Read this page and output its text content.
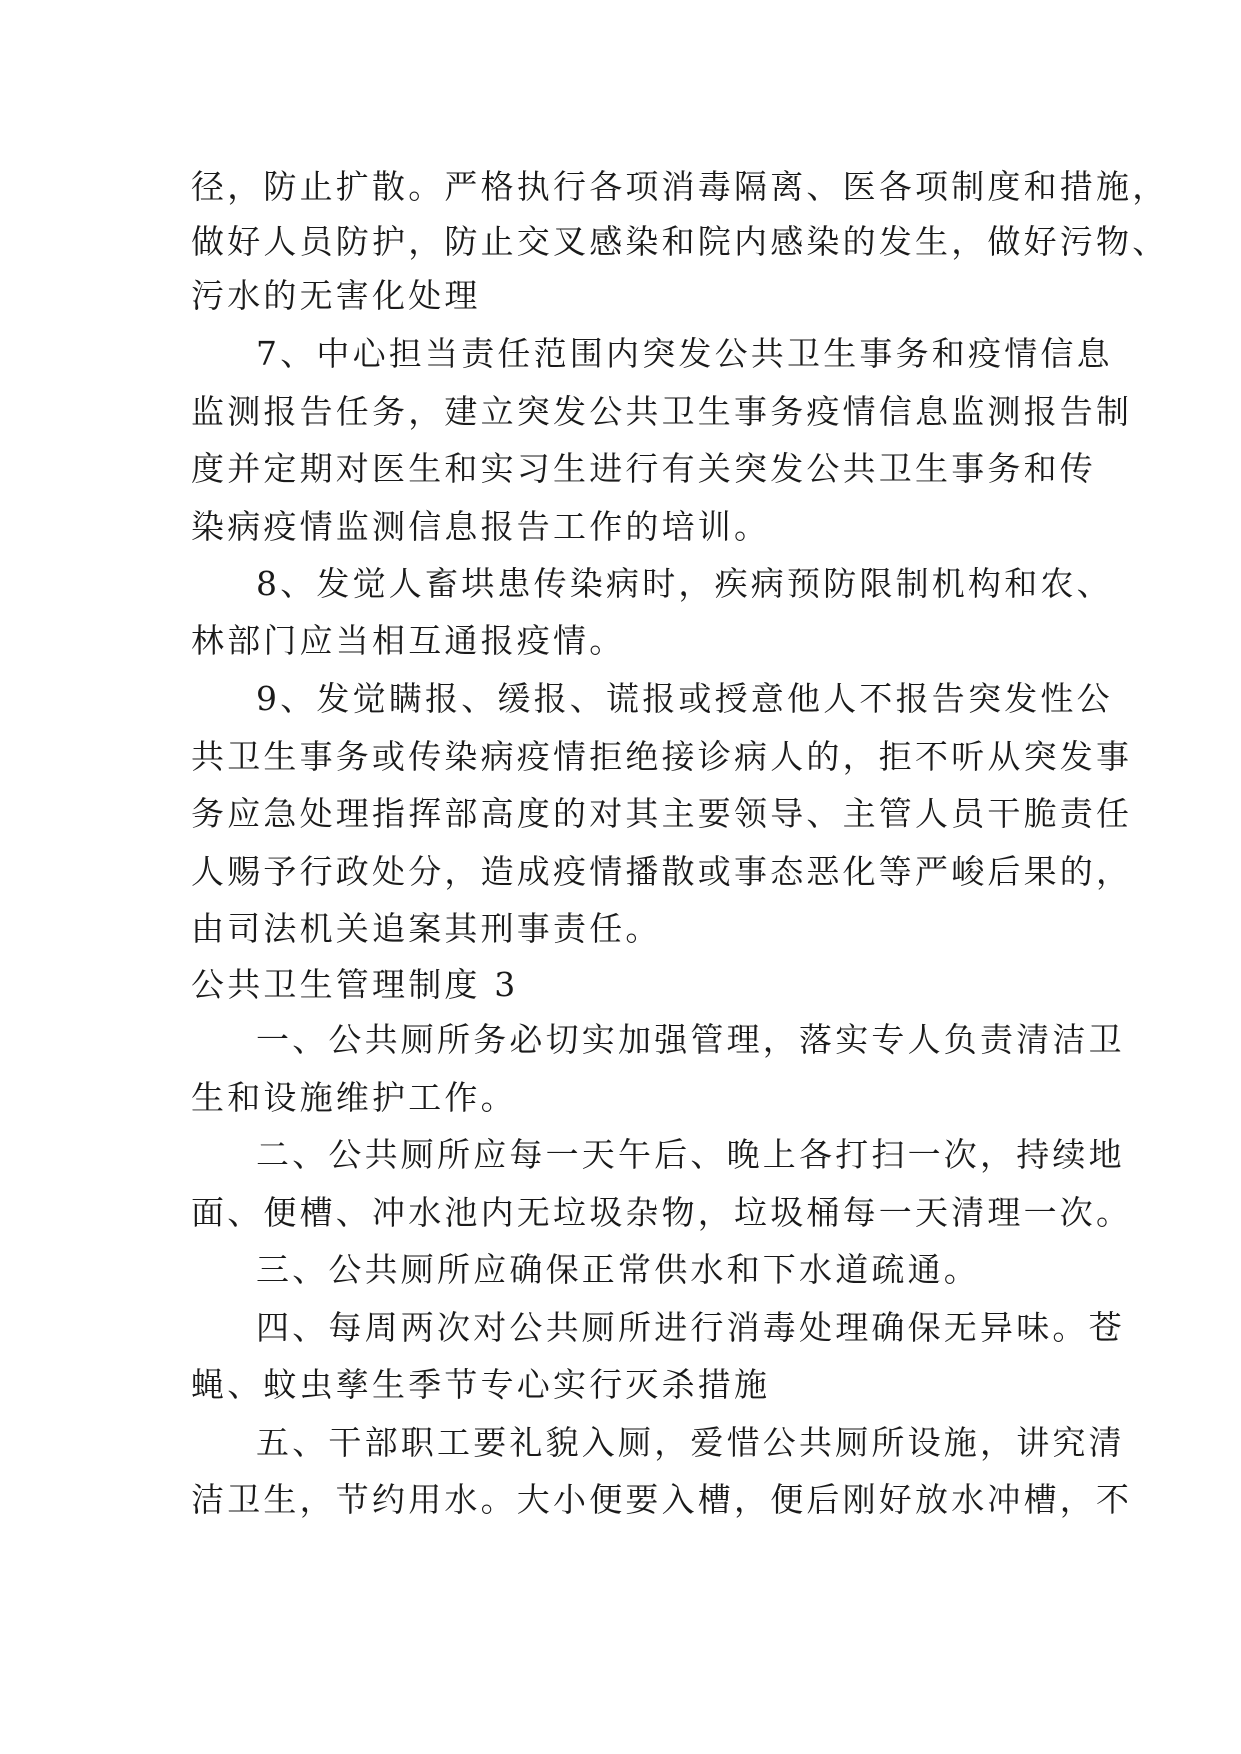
径，防止扩散。严格执行各项消毒隔离、医各项制度和措施，
做好人员防护，防止交叉感染和院内感染的发生，做好污物、
污水的无害化处理
7、中心担当责任范围内突发公共卫生事务和疫情信息
监测报告任务，建立突发公共卫生事务疫情信息监测报告制
度并定期对医生和实习生进行有关突发公共卫生事务和传
染病疫情监测信息报告工作的培训。
8、发觉人畜垬患传染病时，疾病预防限制机构和农、
林部门应当相互通报疫情。
9、发觉瞒报、缓报、谎报或授意他人不报告突发性公
共卫生事务或传染病疫情拒绝接诊病人的，拒不听从突发事
务应急处理指挥部高度的对其主要领导、主管人员干脆责任
人赐予行政处分，造成疫情播散或事态恶化等严峻后果的，
由司法机关追案其刑事责任。
公共卫生管理制度 3
一、公共厕所务必切实加强管理，落实专人负责清洁卫
生和设施维护工作。
二、公共厕所应每一天午后、晚上各打扫一次，持续地
面、便槽、冲水池内无垃圾杂物，垃圾桶每一天清理一次。
三、公共厕所应确保正常供水和下水道疏通。
四、每周两次对公共厕所进行消毒处理确保无异味。苍
蝇、蚊虫孳生季节专心实行灭杀措施
五、干部职工要礼貌入厕，爱惜公共厕所设施，讲究清
洁卫生，节约用水。大小便要入槽，便后刚好放水冲槽，不
